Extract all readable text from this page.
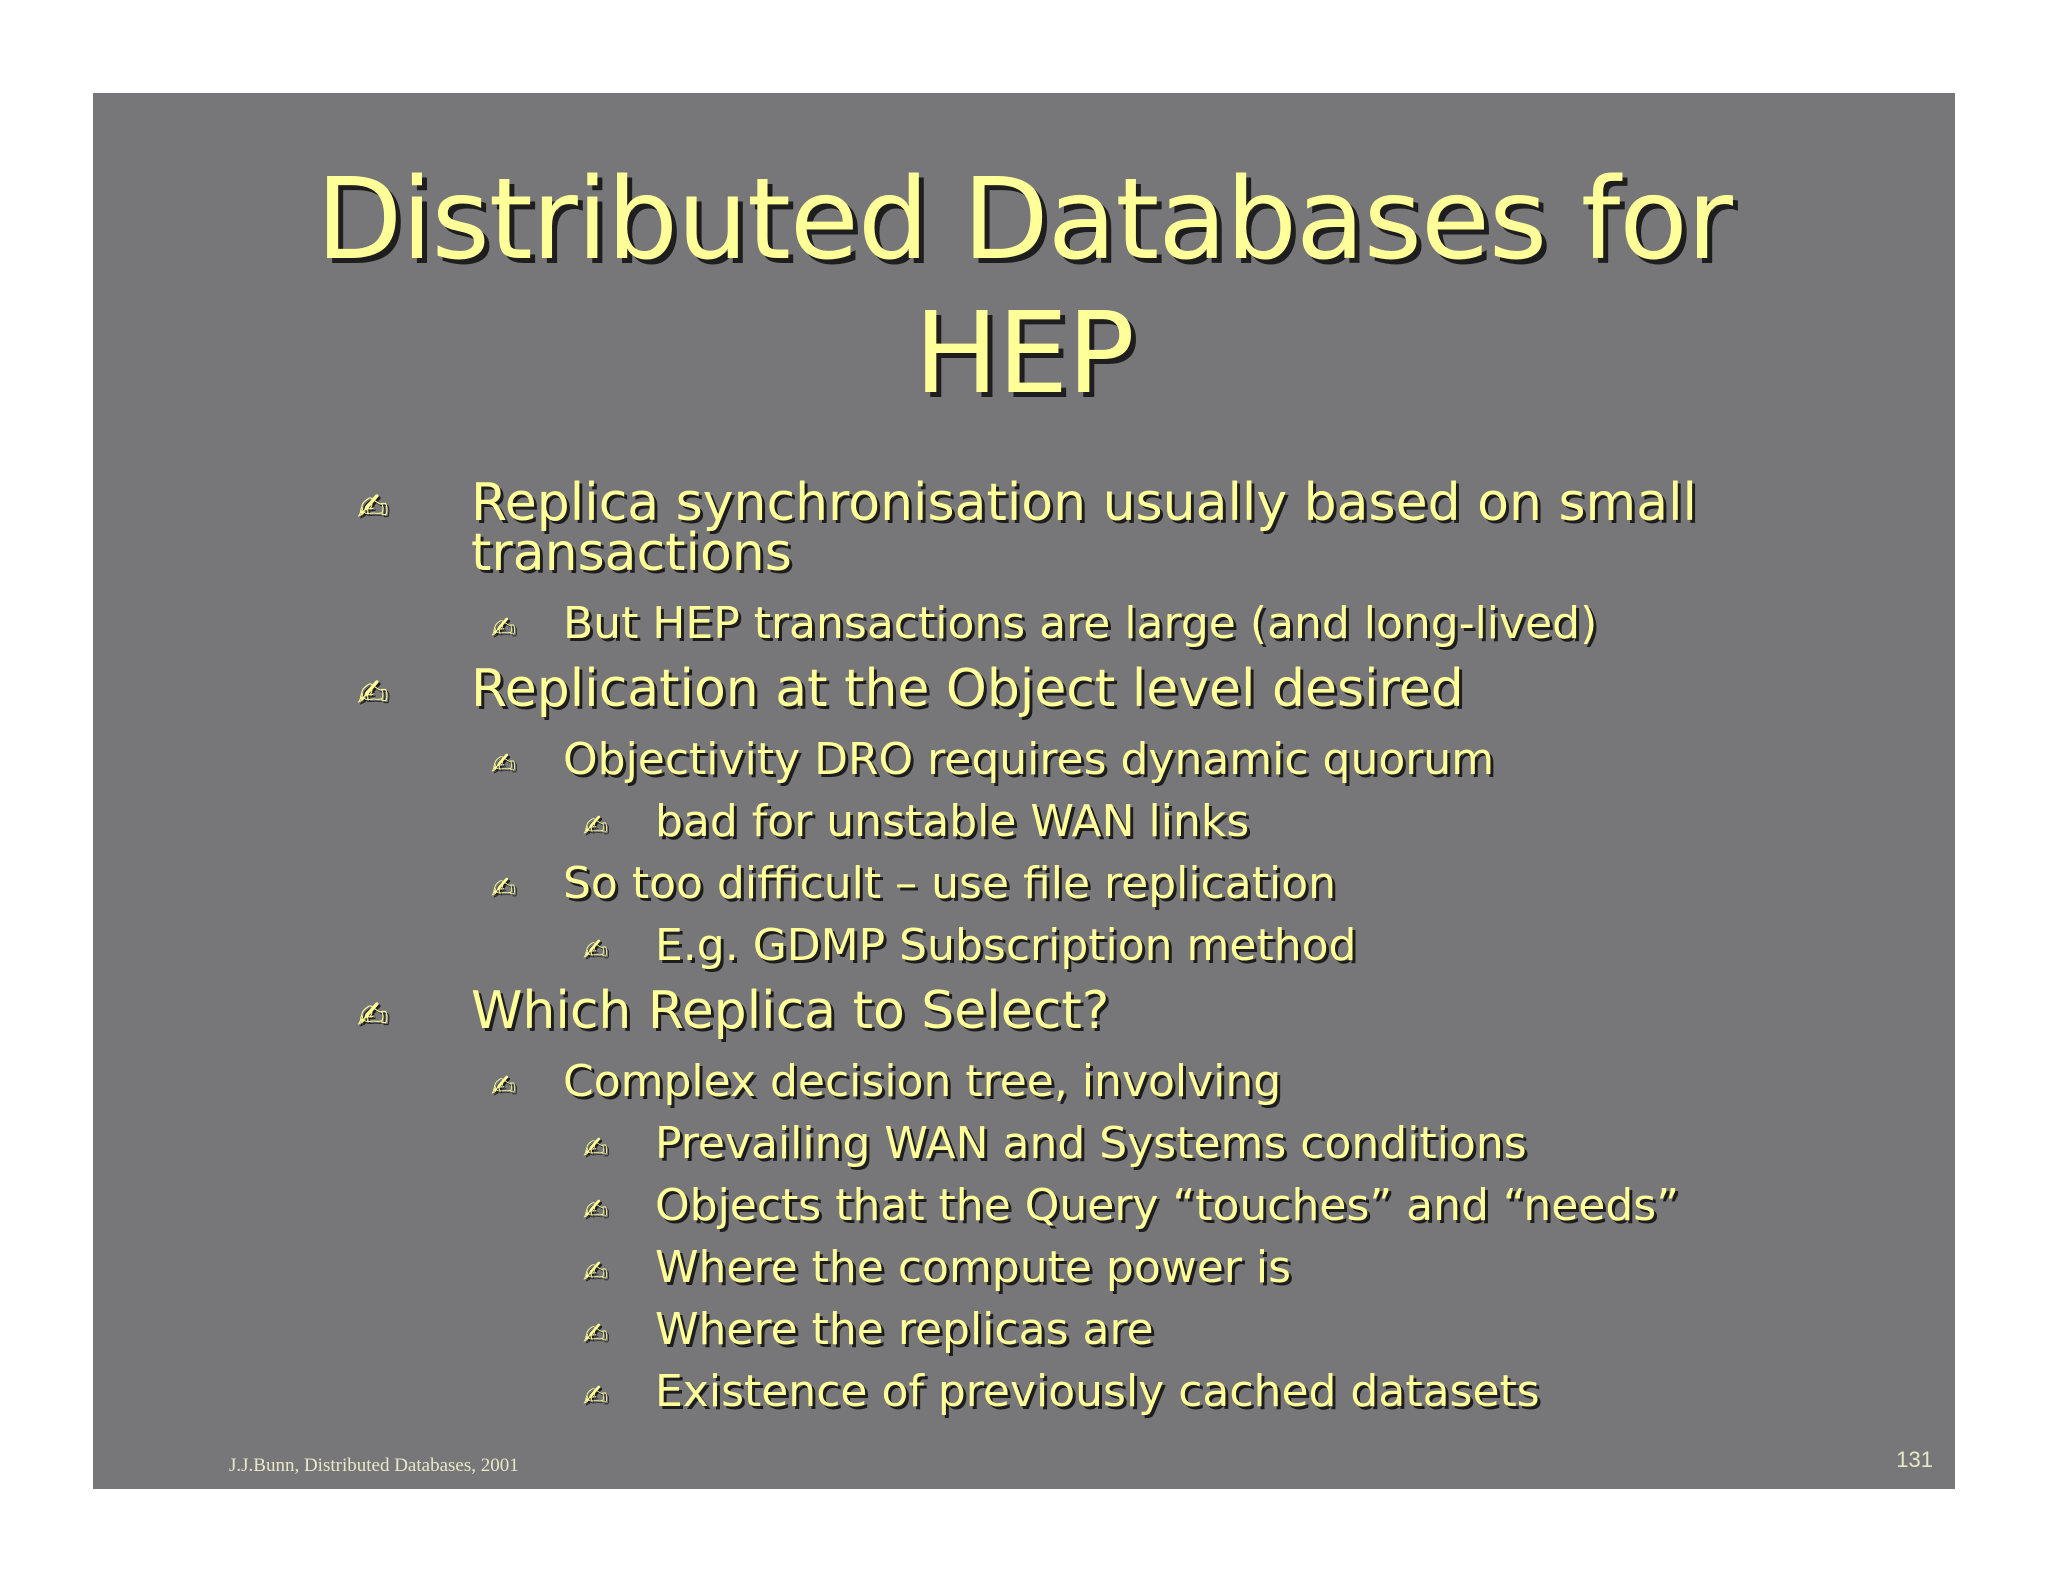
Distributed Databases for
HEP
✍ Replica synchronisation usually based on small
transactions
✍ But HEP transactions are large (and long-lived)
✍ Replication at the Object level desired
✍ Objectivity DRO requires dynamic quorum
✍ bad for unstable WAN links
✍ So too difficult – use file replication
✍ E.g. GDMP Subscription method
✍ Which Replica to Select?
✍ Complex decision tree, involving
✍ Prevailing WAN and Systems conditions
✍ Objects that the Query “touches” and “needs”
✍ Where the compute power is
✍ Where the replicas are
✍ Existence of previously cached datasets
J.J.Bunn, Distributed Databases, 2001	131
